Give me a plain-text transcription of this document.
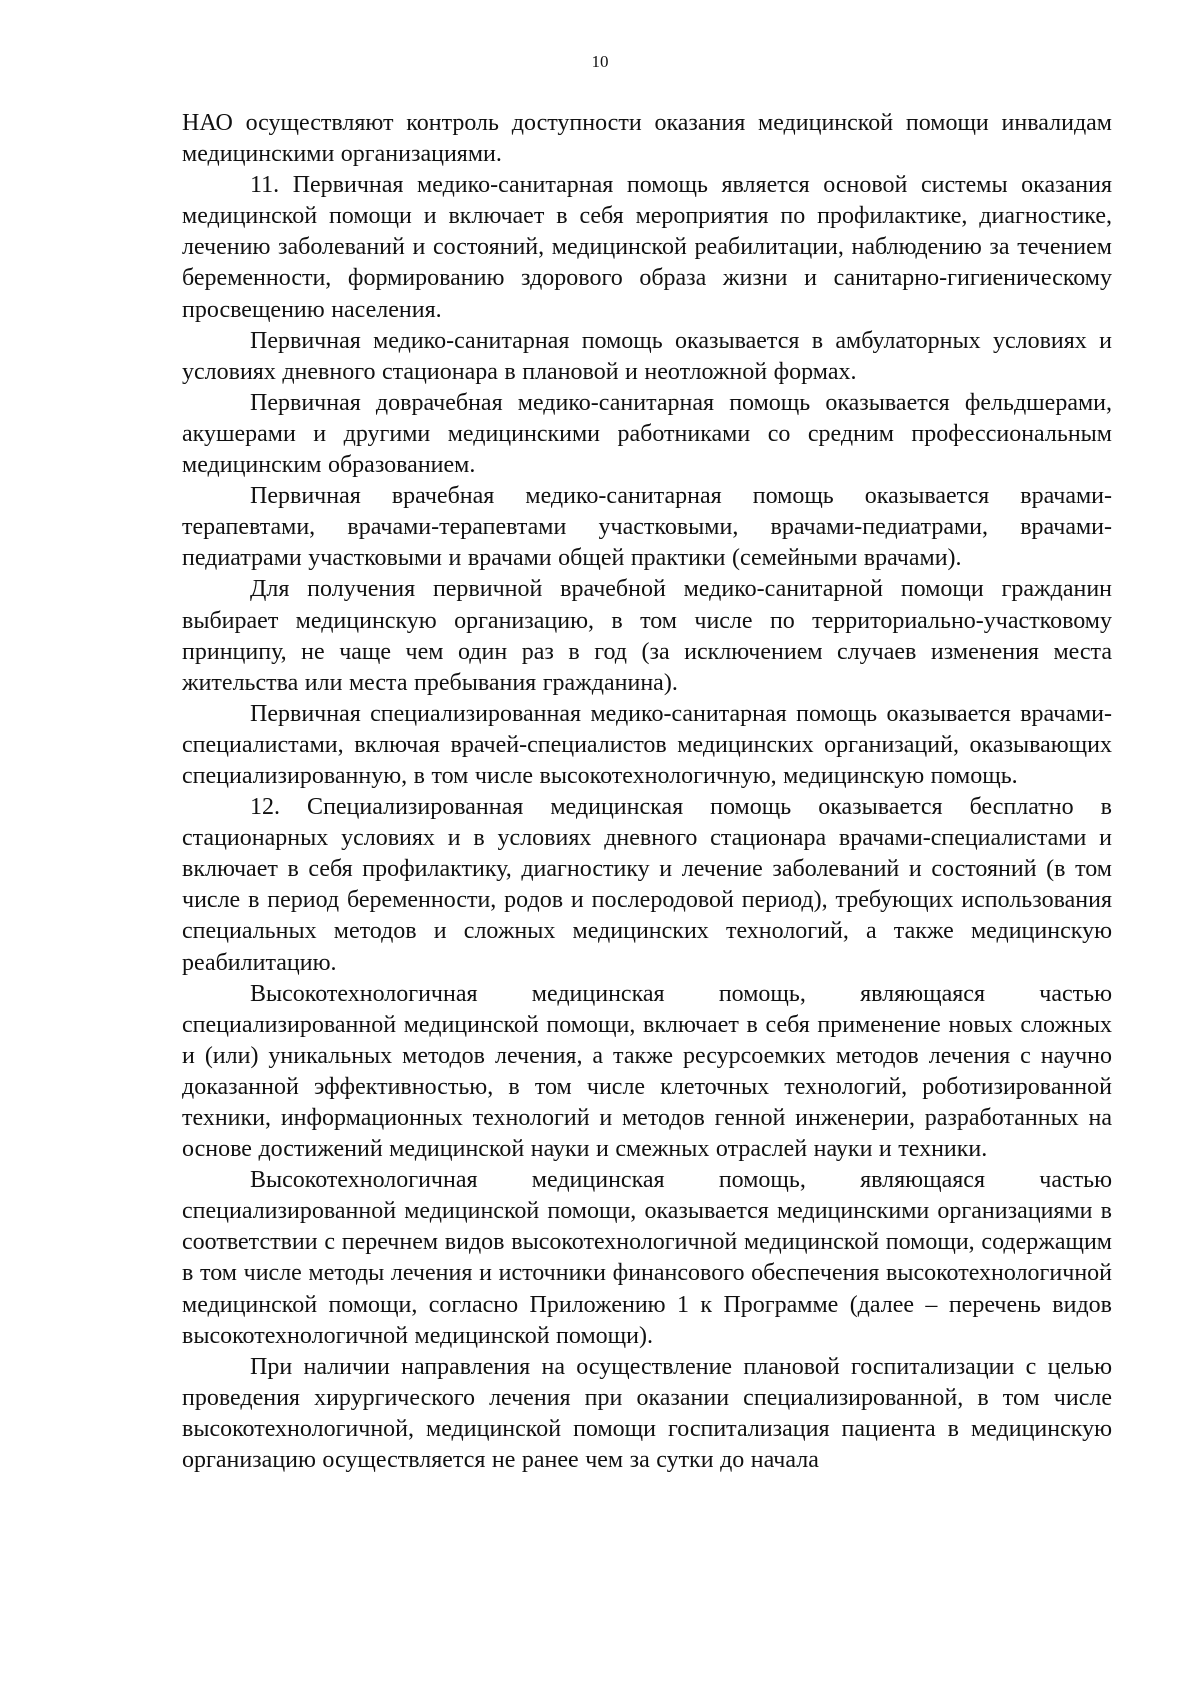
10

НАО осуществляют контроль доступности оказания медицинской помощи инвалидам медицинскими организациями.

11. Первичная медико-санитарная помощь является основой системы оказания медицинской помощи и включает в себя мероприятия по профилактике, диагностике, лечению заболеваний и состояний, медицинской реабилитации, наблюдению за течением беременности, формированию здорового образа жизни и санитарно-гигиеническому просвещению населения.

Первичная медико-санитарная помощь оказывается в амбулаторных условиях и условиях дневного стационара в плановой и неотложной формах.

Первичная доврачебная медико-санитарная помощь оказывается фельдшерами, акушерами и другими медицинскими работниками со средним профессиональным медицинским образованием.

Первичная врачебная медико-санитарная помощь оказывается врачами-терапевтами, врачами-терапевтами участковыми, врачами-педиатрами, врачами-педиатрами участковыми и врачами общей практики (семейными врачами).

Для получения первичной врачебной медико-санитарной помощи гражданин выбирает медицинскую организацию, в том числе по территориально-участковому принципу, не чаще чем один раз в год (за исключением случаев изменения места жительства или места пребывания гражданина).

Первичная специализированная медико-санитарная помощь оказывается врачами-специалистами, включая врачей-специалистов медицинских организаций, оказывающих специализированную, в том числе высокотехнологичную, медицинскую помощь.

12. Специализированная медицинская помощь оказывается бесплатно в стационарных условиях и в условиях дневного стационара врачами-специалистами и включает в себя профилактику, диагностику и лечение заболеваний и состояний (в том числе в период беременности, родов и послеродовой период), требующих использования специальных методов и сложных медицинских технологий, а также медицинскую реабилитацию.

Высокотехнологичная медицинская помощь, являющаяся частью специализированной медицинской помощи, включает в себя применение новых сложных и (или) уникальных методов лечения, а также ресурсоемких методов лечения с научно доказанной эффективностью, в том числе клеточных технологий, роботизированной техники, информационных технологий и методов генной инженерии, разработанных на основе достижений медицинской науки и смежных отраслей науки и техники.

Высокотехнологичная медицинская помощь, являющаяся частью специализированной медицинской помощи, оказывается медицинскими организациями в соответствии с перечнем видов высокотехнологичной медицинской помощи, содержащим в том числе методы лечения и источники финансового обеспечения высокотехнологичной медицинской помощи, согласно Приложению 1 к Программе (далее – перечень видов высокотехнологичной медицинской помощи).

При наличии направления на осуществление плановой госпитализации с целью проведения хирургического лечения при оказании специализированной, в том числе высокотехнологичной, медицинской помощи госпитализация пациента в медицинскую организацию осуществляется не ранее чем за сутки до начала
